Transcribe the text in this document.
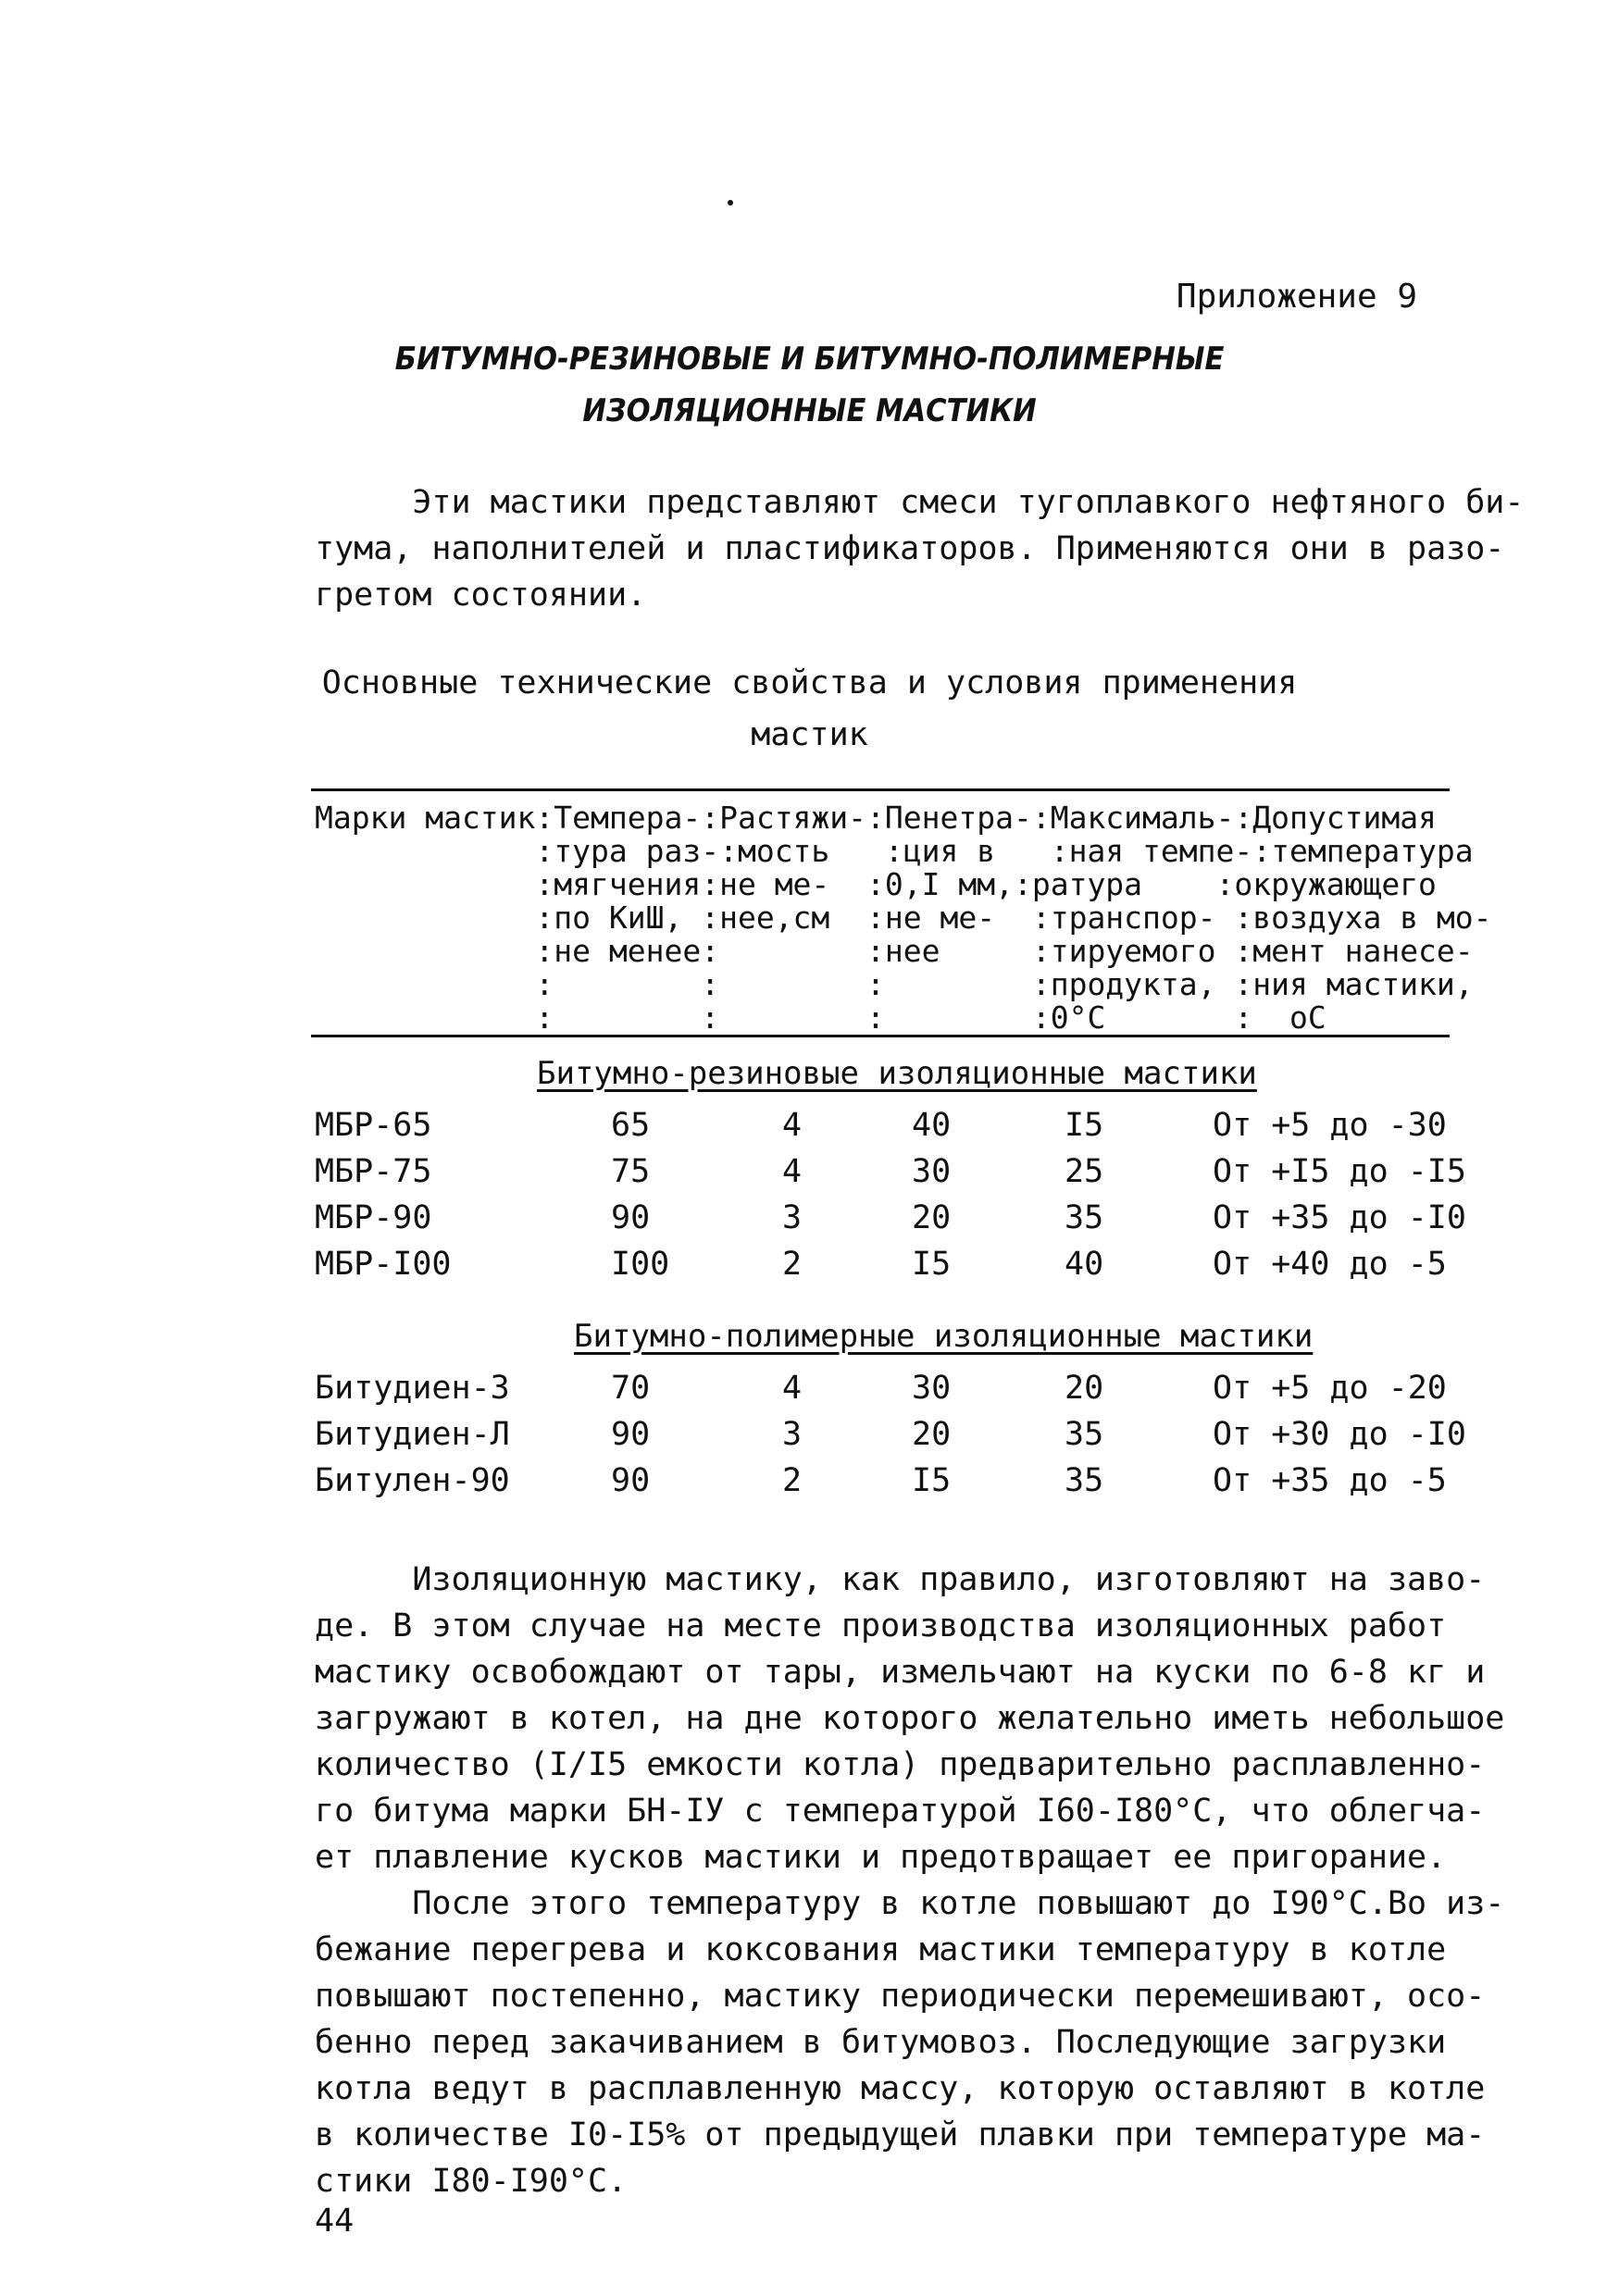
Приложение 9
БИТУМНО-РЕЗИНОВЫЕ И БИТУМНО-ПОЛИМЕРНЫЕ
ИЗОЛЯЦИОННЫЕ МАСТИКИ
Эти мастики представляют смеси тугоплавкого нефтяного би-
тума, наполнителей и пластификаторов. Применяются они в разо-
гретом состоянии.
Основные технические свойства и условия применения
мастик
Марки мастик:Темпера-:Растяжи-:Пенетра-:Максималь-:Допустимая
:тура раз-:мость   :ция в   :ная темпе-:температура
:мягчения:не ме-  :0,I мм,:ратура    :окружающего
:по КиШ, :нее,см  :не ме-  :транспор- :воздуха в мо-
:не менее:        :нее     :тируемого :мент нанесе-
:        :        :        :продукта, :ния мастики,
:        :        :        :0°С       :  оС
Битумно-резиновые изоляционные мастики
МБР-65	65	4	40	I5	От +5 до -30
МБР-75	75	4	30	25	От +I5 до -I5
МБР-90	90	3	20	35	От +35 до -I0
МБР-I00	I00	2	I5	40	От +40 до -5
Битумно-полимерные изоляционные мастики
Битудиен-3	70	4	30	20	От +5 до -20
Битудиен-Л	90	3	20	35	От +30 до -I0
Битулен-90	90	2	I5	35	От +35 до -5
Изоляционную мастику, как правило, изготовляют на заво-
де. В этом случае на месте производства изоляционных работ
мастику освобождают от тары, измельчают на куски по 6-8 кг и
загружают в котел, на дне которого желательно иметь небольшое
количество (I/I5 емкости котла) предварительно расплавленно-
го битума марки БН-IУ с температурой I60-I80°С, что облегча-
ет плавление кусков мастики и предотвращает ее пригорание.
После этого температуру в котле повышают до I90°С.Во из-
бежание перегрева и коксования мастики температуру в котле
повышают постепенно, мастику периодически перемешивают, осо-
бенно перед закачиванием в битумовоз. Последующие загрузки
котла ведут в расплавленную массу, которую оставляют в котле
в количестве I0-I5% от предыдущей плавки при температуре ма-
стики I80-I90°С.
44
